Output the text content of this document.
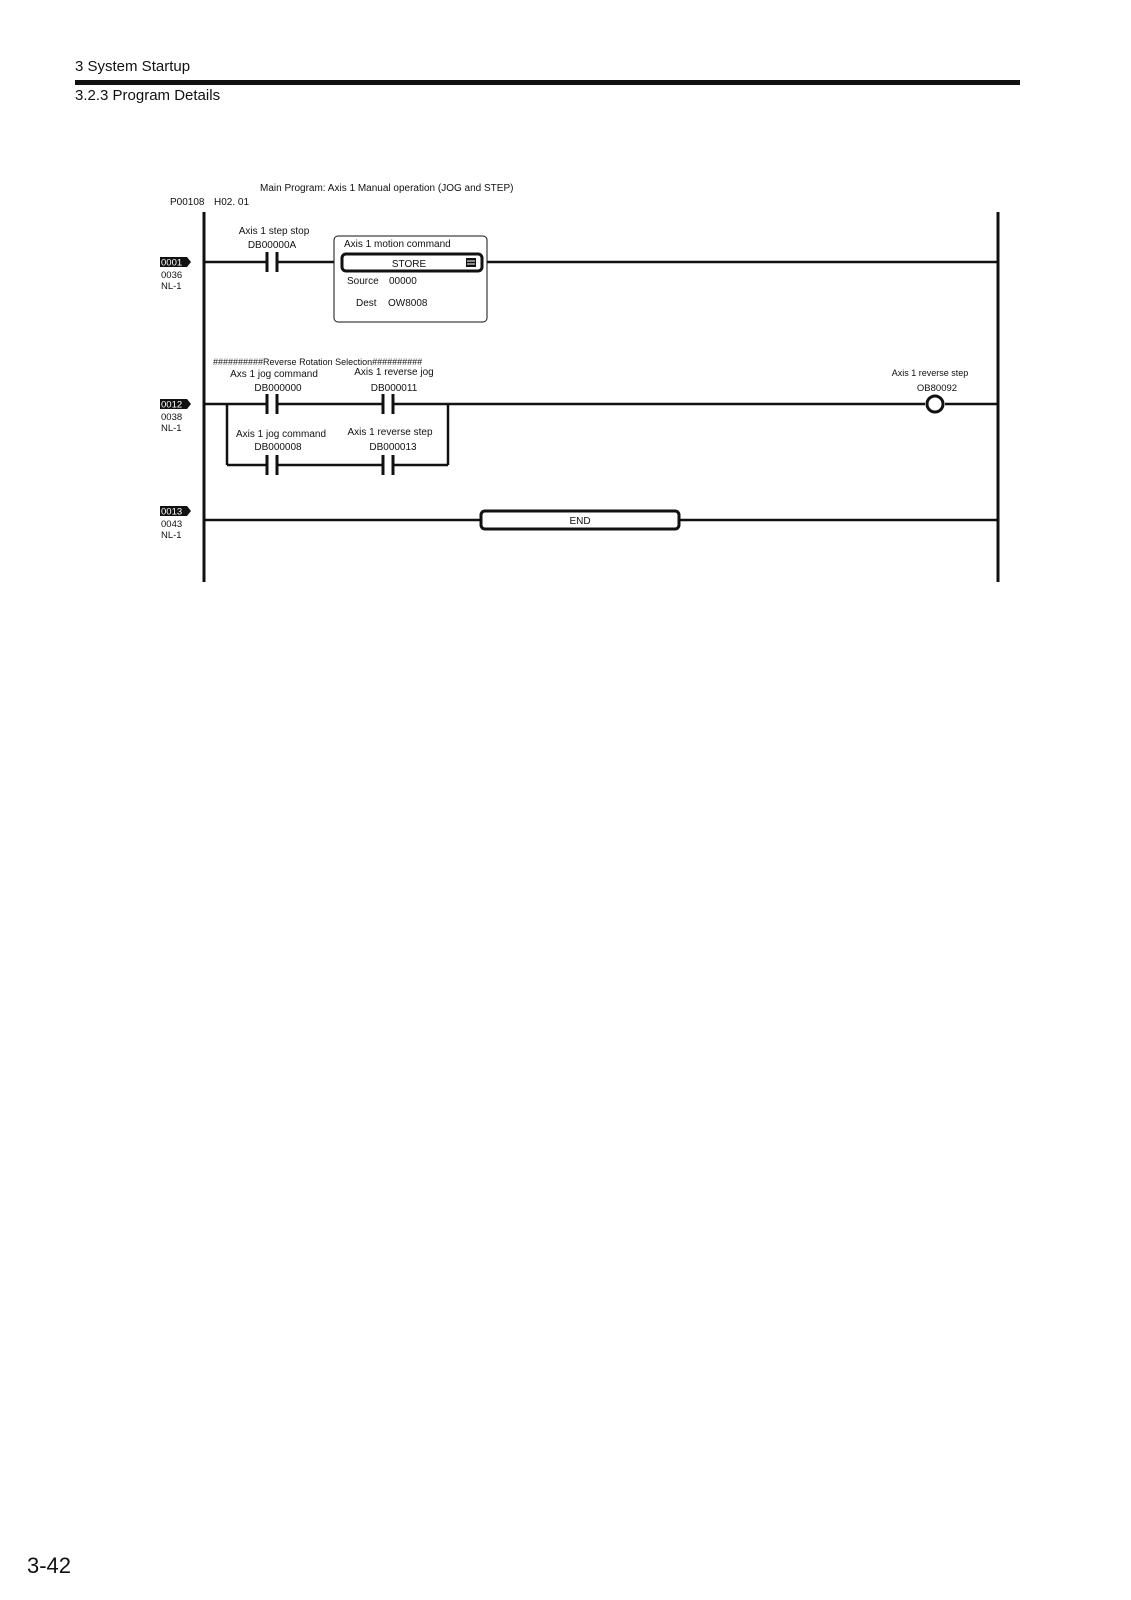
3 System Startup
3.2.3 Program Details
Main Program: Axis 1 Manual operation (JOG and STEP)
P00108 H02. 01
0001
0036
NL-1
Axis 1 step stop
DB00000A	Axis 1 motion command
STORE
Source 00000
Dest OW8008
##########Reverse Rotation Selection##########
0012
0038
NL-1
Axs 1 jog command
DB000000
Axis 1 reverse jog
DB000011
Axis 1 jog command
DB000008
Axis 1 reverse step
DB000013
Axis 1 reverse step
OB80092
0013
0043
NL-1
END
3-42
